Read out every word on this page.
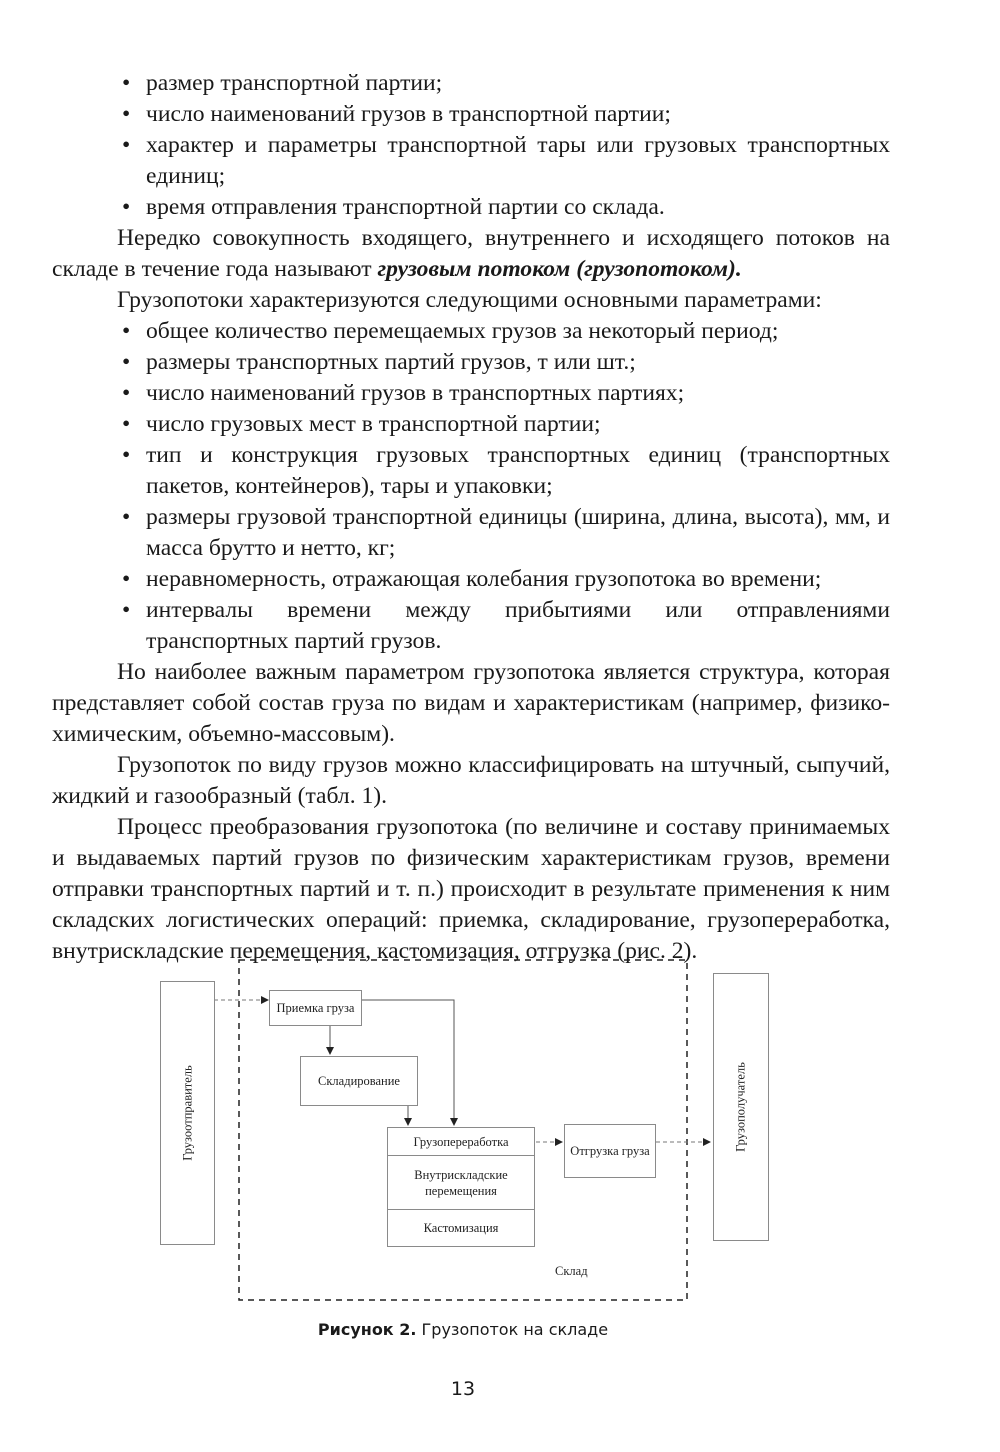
• размер транспортной партии;
• число наименований грузов в транспортной партии;
• характер и параметры транспортной тары или грузовых транспортных единиц;
• время отправления транспортной партии со склада.
Нередко совокупность входящего, внутреннего и исходящего потоков на складе в течение года называют грузовым потоком (грузопотоком).
Грузопотоки характеризуются следующими основными параметрами:
• общее количество перемещаемых грузов за некоторый период;
• размеры транспортных партий грузов, т или шт.;
• число наименований грузов в транспортных партиях;
• число грузовых мест в транспортной партии;
• тип и конструкция грузовых транспортных единиц (транспортных пакетов, контейнеров), тары и упаковки;
• размеры грузовой транспортной единицы (ширина, длина, высота), мм, и масса брутто и нетто, кг;
• неравномерность, отражающая колебания грузопотока во времени;
• интервалы времени между прибытиями или отправлениями транспортных партий грузов.
Но наиболее важным параметром грузопотока является структура, которая представляет собой состав груза по видам и характеристикам (например, физико-химическим, объемно-массовым).
Грузопоток по виду грузов можно классифицировать на штучный, сыпучий, жидкий и газообразный (табл. 1).
Процесс преобразования грузопотока (по величине и составу принимаемых и выдаваемых партий грузов по физическим характеристикам грузов, времени отправки транспортных партий и т. п.) происходит в результате применения к ним складских логистических операций: приемка, складирование, грузопереработка, внутрискладские перемещения, кастомизация, отгрузка (рис. 2).
Грузоотправитель
Приемка груза
Складирование
Грузопереработка
Внутрискладские перемещения
Кастомизация
Отгрузка груза	Грузополучатель
Склад
Рисунок 2. Грузопоток на складе
13
